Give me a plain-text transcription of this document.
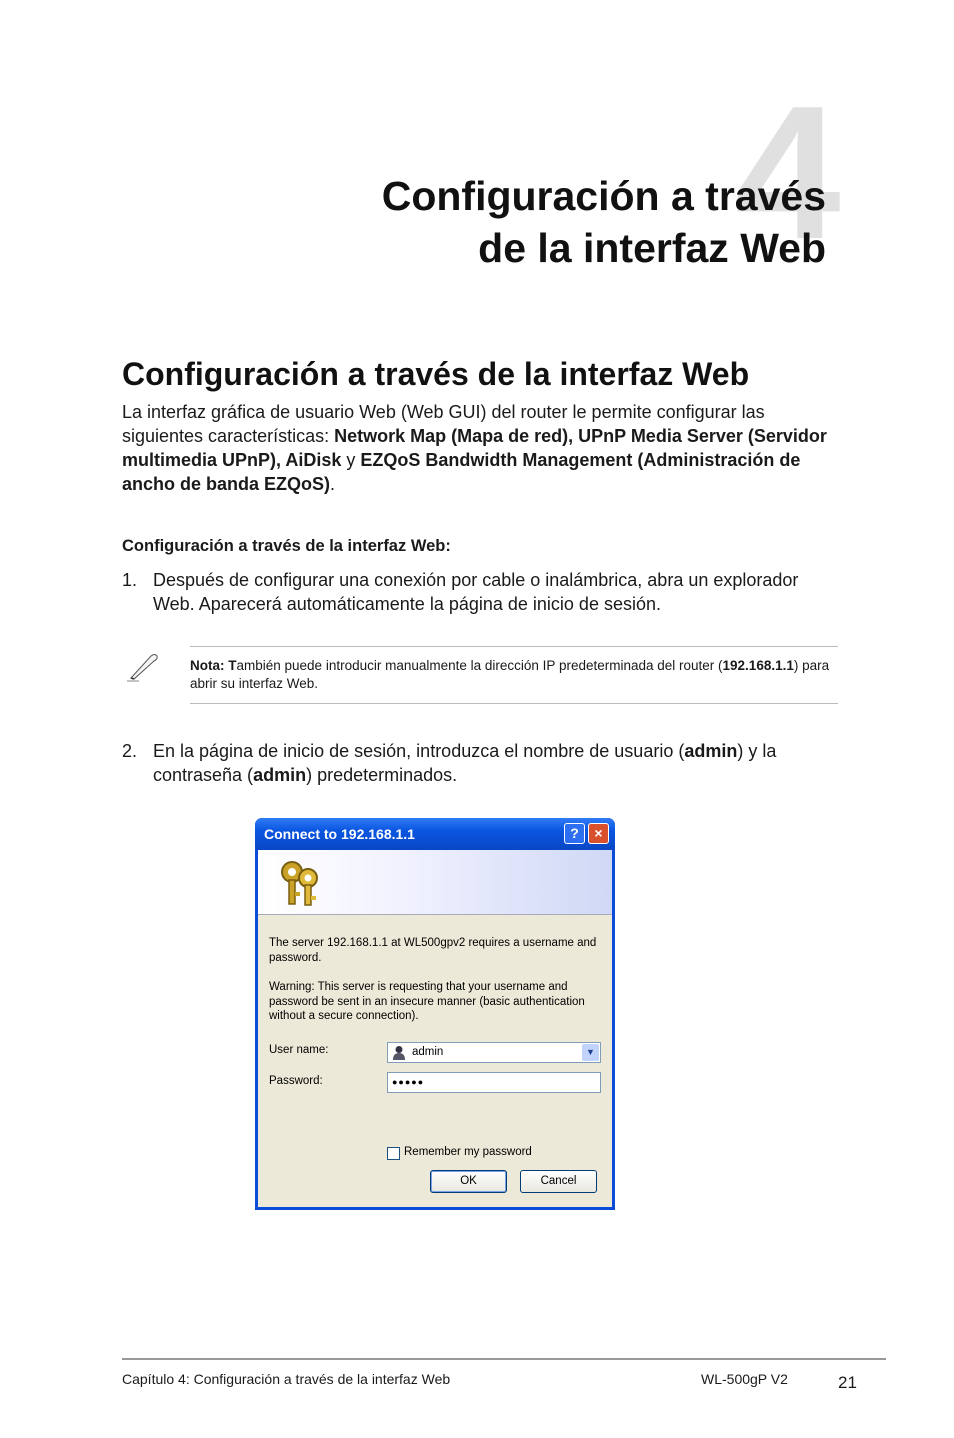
4
Configuración a través
de la interfaz Web
Configuración a través de la interfaz Web
La interfaz gráfica de usuario Web (Web GUI) del router le permite configurar las siguientes características: Network Map (Mapa de red), UPnP Media Server (Servidor multimedia UPnP), AiDisk y EZQoS Bandwidth Management (Administración de ancho de banda EZQoS).
Configuración a través de la interfaz Web:
1. Después de configurar una conexión por cable o inalámbrica, abra un explorador Web. Aparecerá automáticamente la página de inicio de sesión.
Nota: También puede introducir manualmente la dirección IP predeterminada del router (192.168.1.1) para abrir su interfaz Web.
2. En la página de inicio de sesión, introduzca el nombre de usuario (admin) y la contraseña (admin) predeterminados.
Connect to 192.168.1.1	?	×
The server 192.168.1.1 at WL500gpv2 requires a username and password.
Warning: This server is requesting that your username and password be sent in an insecure manner (basic authentication without a secure connection).
User name:	admin	▼
Password:	●●●●●
Remember my password
OK	Cancel
Capítulo 4: Configuración a través de la interfaz Web	WL-500gP V2	21
